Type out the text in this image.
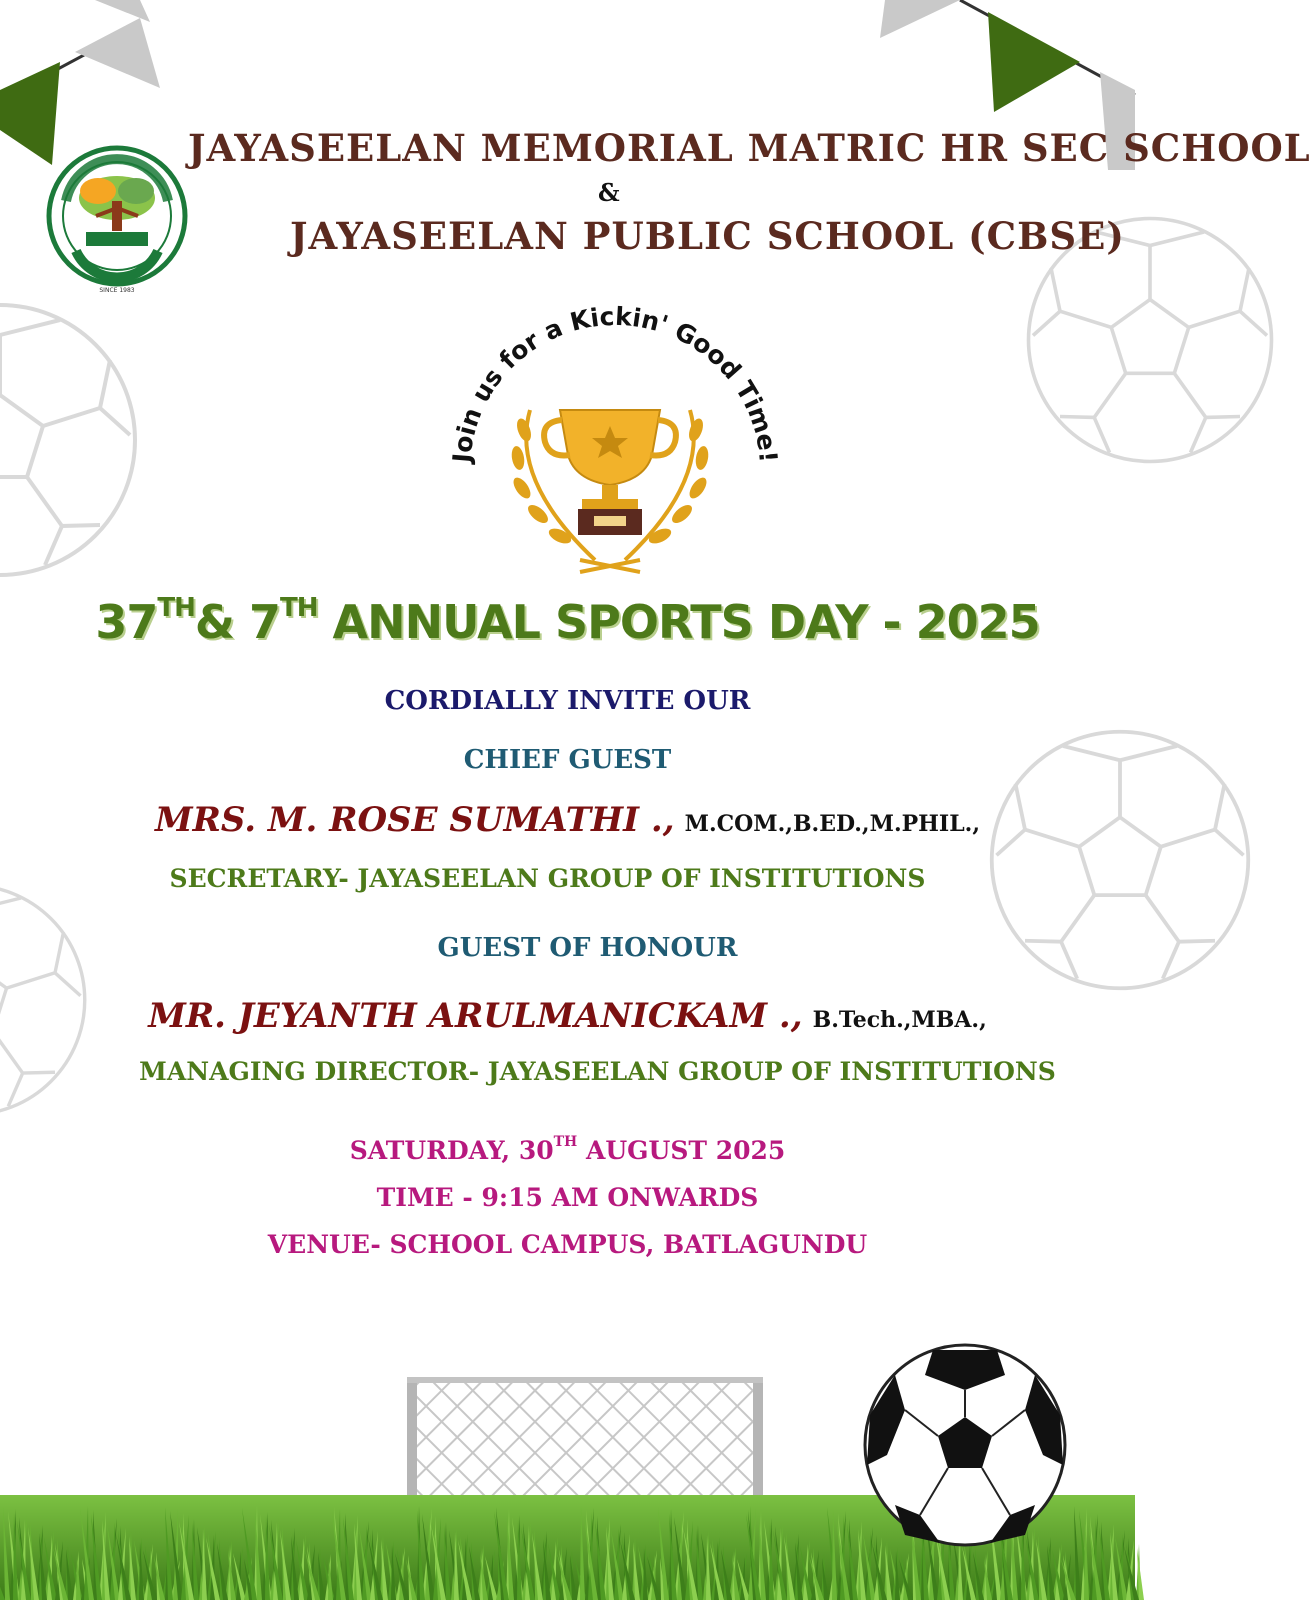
SINCE 1983
JAYASEELAN MEMORIAL MATRIC HR SEC SCHOOL
&
JAYASEELAN PUBLIC SCHOOL (CBSE)
Join us for a Kickin' Good Time!
37TH& 7TH ANNUAL SPORTS DAY - 2025
CORDIALLY INVITE OUR
CHIEF GUEST
MRS. M. ROSE SUMATHI ., M.COM.,B.ED.,M.PHIL.,
SECRETARY- JAYASEELAN GROUP OF INSTITUTIONS
GUEST OF HONOUR
MR. JEYANTH ARULMANICKAM ., B.Tech.,MBA.,
MANAGING DIRECTOR- JAYASEELAN GROUP OF INSTITUTIONS
SATURDAY, 30TH AUGUST 2025
TIME - 9:15 AM ONWARDS
VENUE- SCHOOL CAMPUS, BATLAGUNDU
